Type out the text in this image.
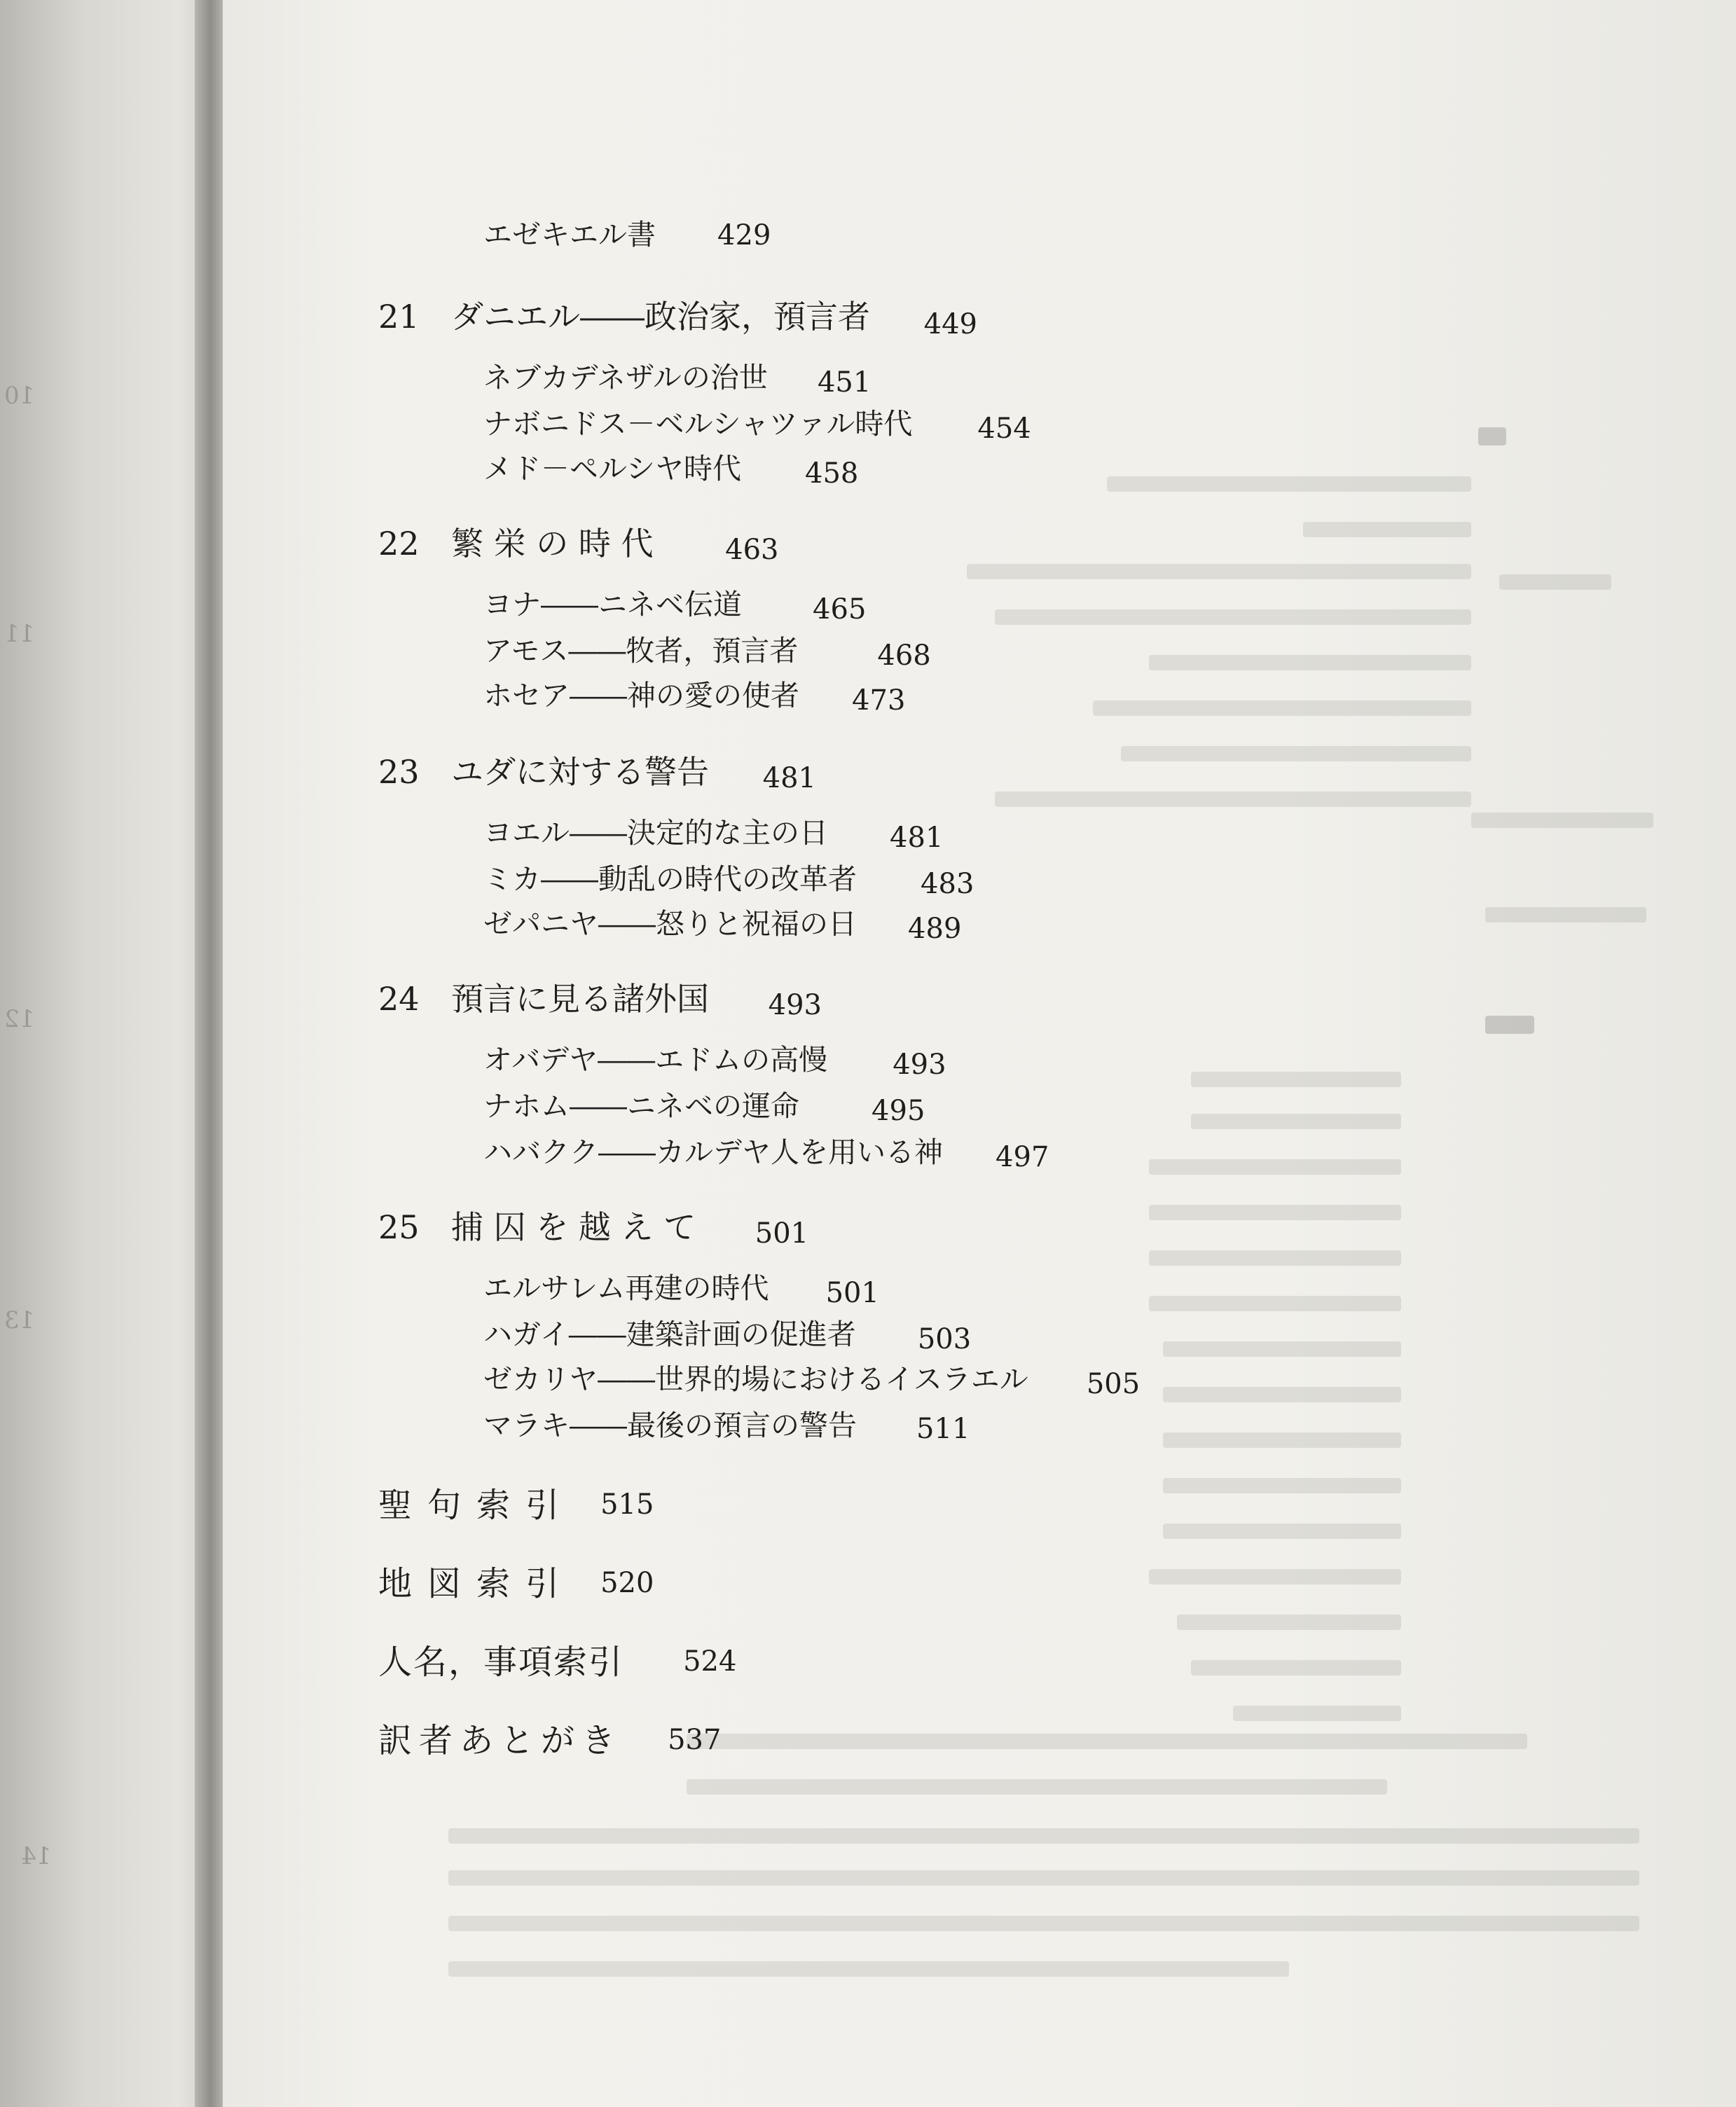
10
11
12
13
14
エゼキエル書 429
21 ダニエル――政治家，預言者 449
ネブカデネザルの治世 451
ナボニドス－ベルシャツァル時代 454
メド－ペルシヤ時代 458
22 繁 栄 の 時 代	463
ヨナ――ニネベ伝道	465
アモス――牧者，預言者	468
ホセア――神の愛の使者 473
23 ユダに対する警告 481
ヨエル――決定的な主の日 481
ミカ――動乱の時代の改革者 483
ゼパニヤ――怒りと祝福の日 489
24 預言に見る諸外国 493
オバデヤ――エドムの高慢 493
ナホム――ニネベの運命	495
ハバクク――カルデヤ人を用いる神 497
25 捕 囚 を 越 え て 501
エルサレム再建の時代 501
ハガイ――建築計画の促進者 503
ゼカリヤ――世界的場におけるイスラエル 505
マラキ――最後の預言の警告 511
聖句索引 515
地図索引 520
人名，事項索引 524
訳者あとがき 537
